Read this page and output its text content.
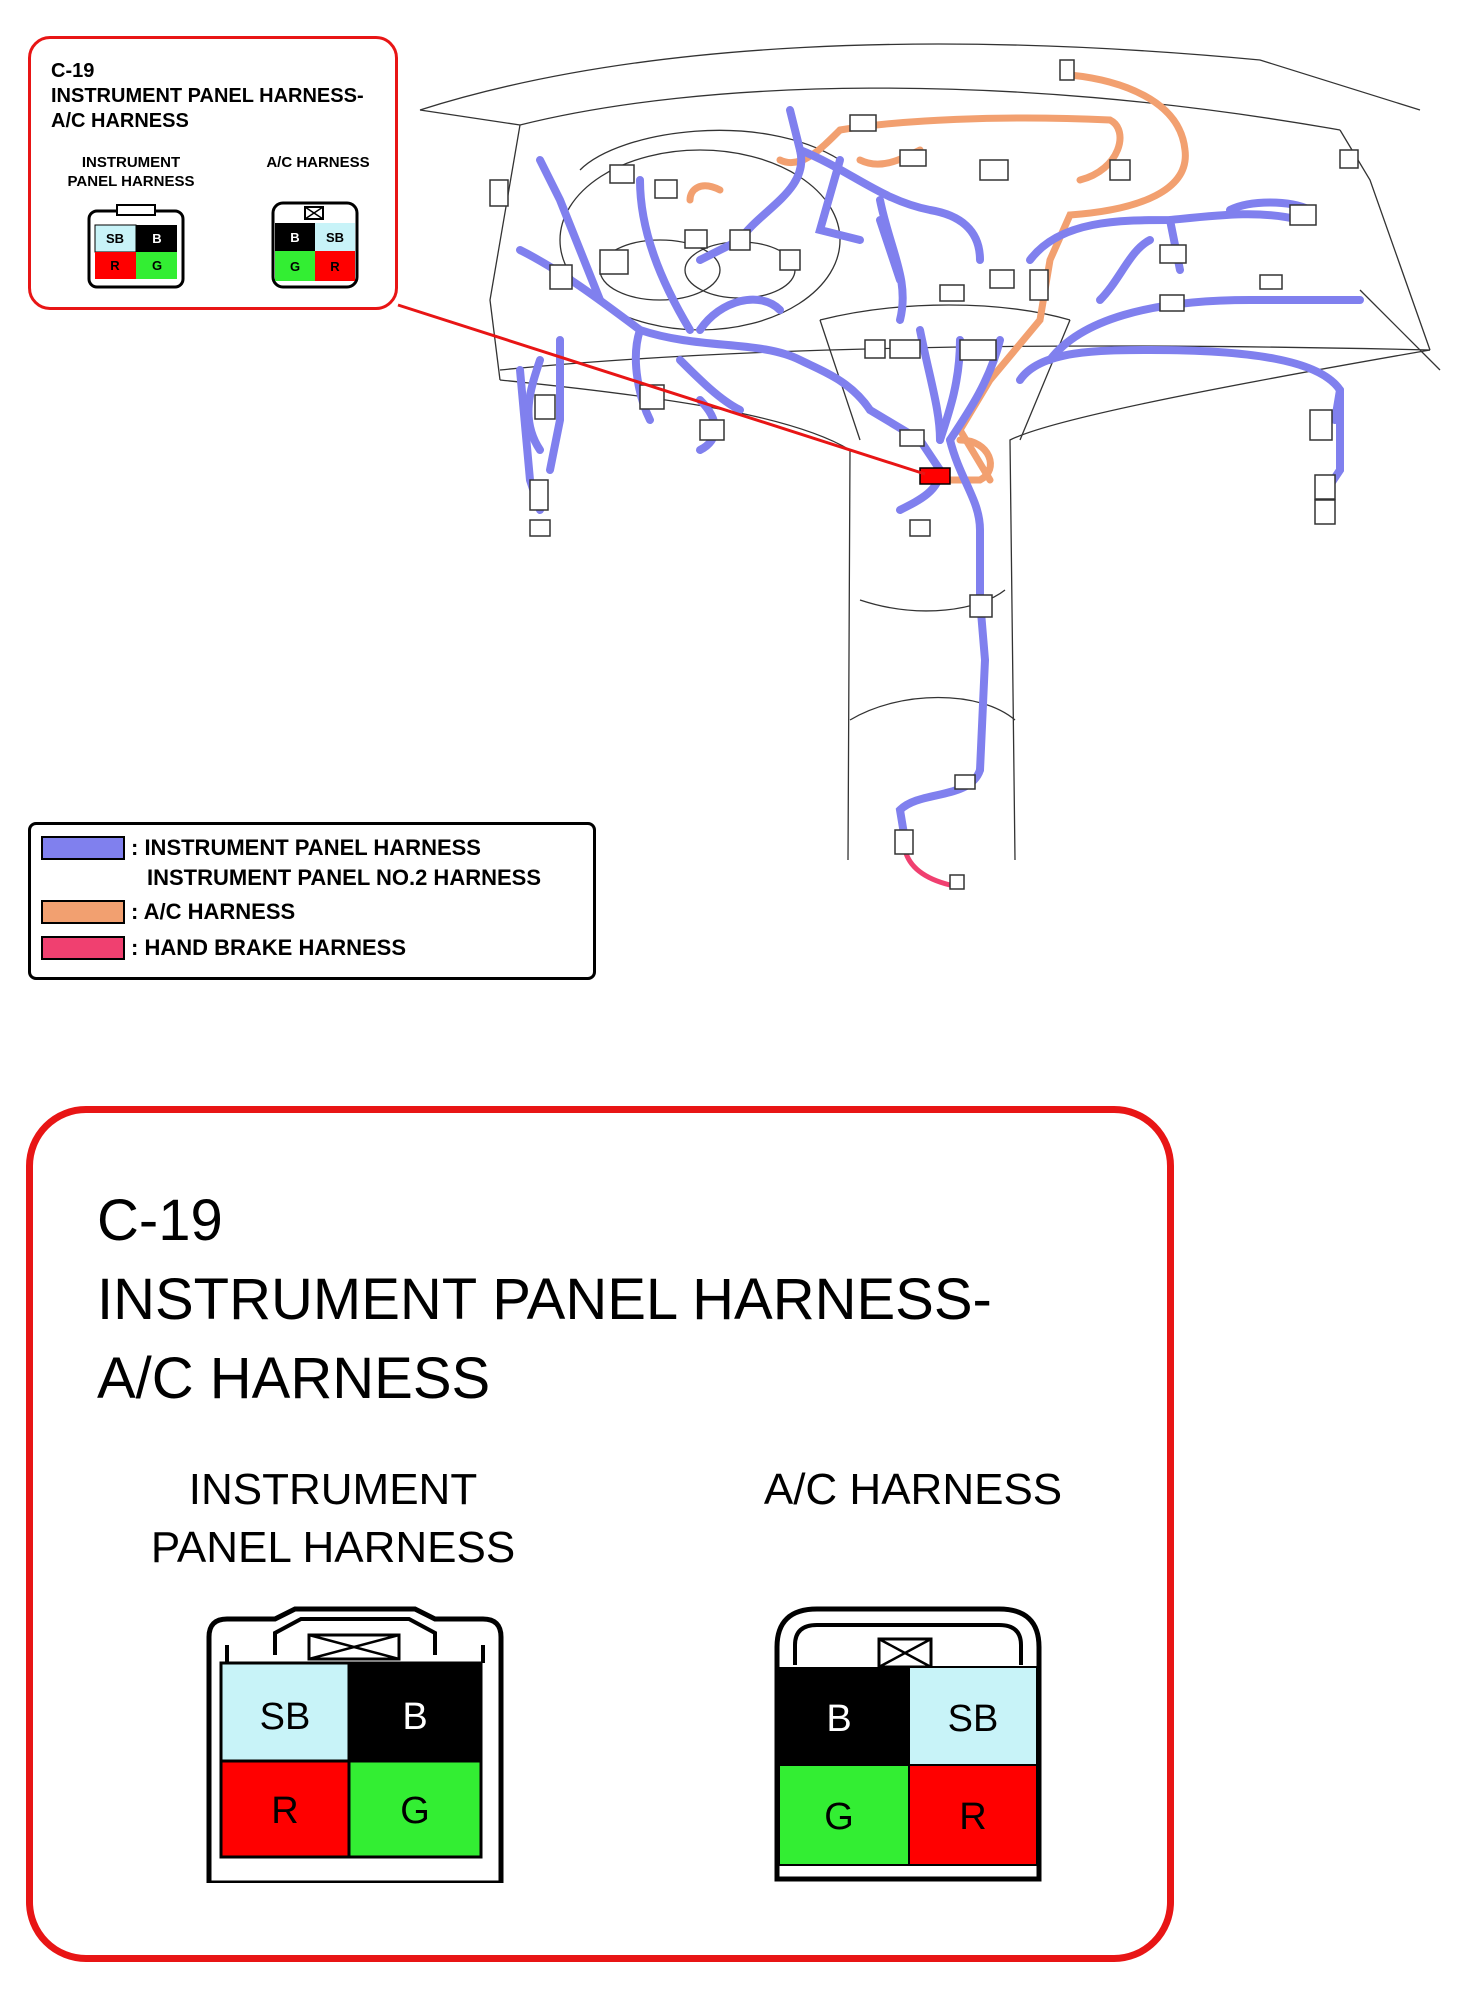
C-19
INSTRUMENT PANEL HARNESS-
A/C HARNESS
INSTRUMENT
PANEL HARNESS
A/C HARNESS
SB B
R G
B SB
G R
: INSTRUMENT PANEL HARNESS
INSTRUMENT PANEL NO.2 HARNESS
: A/C HARNESS
: HAND BRAKE HARNESS
C-19
INSTRUMENT PANEL HARNESS-
A/C HARNESS
INSTRUMENT
PANEL HARNESS
A/C HARNESS
SB B
R	G
B	SB
G	R
